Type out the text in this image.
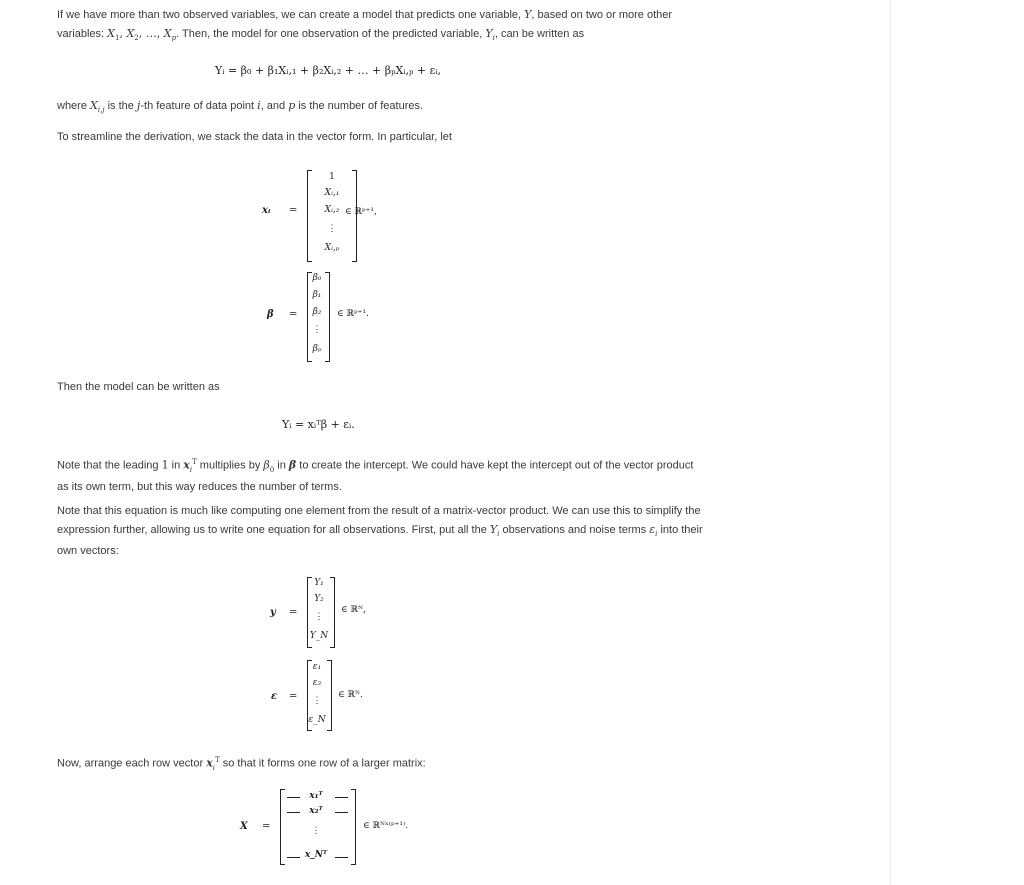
If we have more than two observed variables, we can create a model that predicts one variable, Y, based on two or more other variables: $X_1$, $X_2$, …, $X_p$. Then, the model for one observation of the predicted variable, $Y_i$, can be written as
Yᵢ = β₀ + β₁Xᵢ,₁ + β₂Xᵢ,₂ + … + βₚXᵢ,ₚ + εᵢ,
where $X_{i,j}$ is the j-th feature of data point i, and p is the number of features.
To streamline the derivation, we stack the data in the vector form. In particular, let
xᵢ =
1
Xᵢ,₁
Xᵢ,₂
⋮
Xᵢ,ₚ
∈ ℝᵖ⁺¹,
β =
β₀
β₁
β₂
⋮
βₚ
∈ ℝᵖ⁺¹.
Then the model can be written as
Yᵢ = xᵢᵀβ + εᵢ.
Note that the leading 1 in $x_i^T$ multiplies by $\beta_0$ in β to create the intercept. We could have kept the intercept out of the vector product as its own term, but this way reduces the number of terms.
Note that this equation is much like computing one element from the result of a matrix-vector product. We can use this to simplify the expression further, allowing us to write one equation for all observations. First, put all the $Y_i$ observations and noise terms $\varepsilon_i$ into their own vectors:
y =
Y₁
Y₂
⋮
Y_N
∈ ℝᴺ,
ε =
ε₁
ε₂
⋮
ε_N
∈ ℝᴺ.
Now, arrange each row vector $x_i^T$ so that it forms one row of a larger matrix:
X =
x₁ᵀ
x₂ᵀ
⋮
x_Nᵀ
∈ ℝᴺˣ⁽ᵖ⁺¹⁾.
